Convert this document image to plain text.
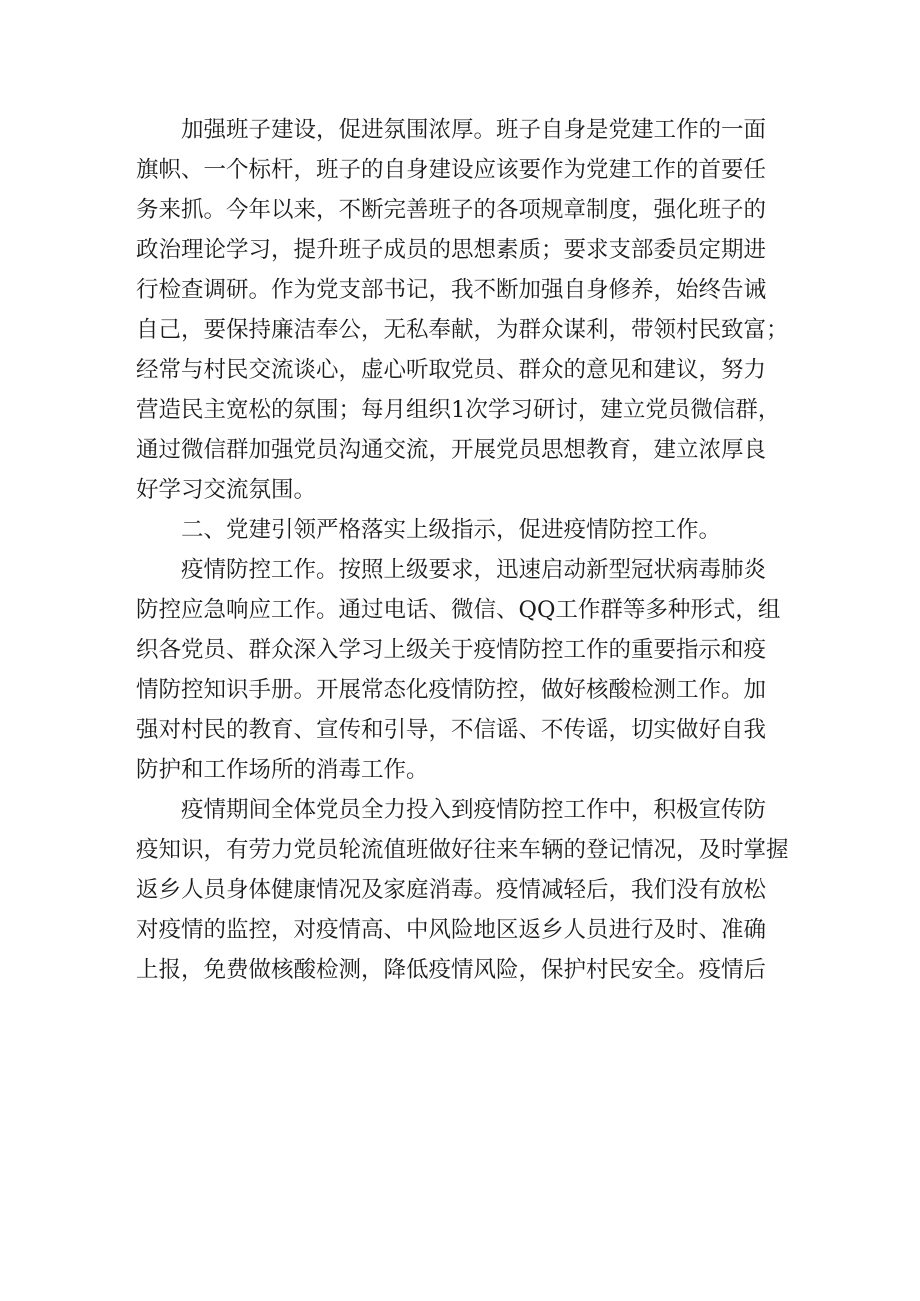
加强班子建设，促进氛围浓厚。班子自身是党建工作的一面
旗帜、一个标杆，班子的自身建设应该要作为党建工作的首要任
务来抓。今年以来，不断完善班子的各项规章制度，强化班子的
政治理论学习，提升班子成员的思想素质；要求支部委员定期进
行检查调研。作为党支部书记，我不断加强自身修养，始终告诫
自己，要保持廉洁奉公，无私奉献，为群众谋利，带领村民致富；
经常与村民交流谈心，虚心听取党员、群众的意见和建议，努力
营造民主宽松的氛围；每月组织1次学习研讨，建立党员微信群，
通过微信群加强党员沟通交流，开展党员思想教育，建立浓厚良
好学习交流氛围。

二、党建引领严格落实上级指示，促进疫情防控工作。

疫情防控工作。按照上级要求，迅速启动新型冠状病毒肺炎
防控应急响应工作。通过电话、微信、QQ工作群等多种形式，组
织各党员、群众深入学习上级关于疫情防控工作的重要指示和疫
情防控知识手册。开展常态化疫情防控，做好核酸检测工作。加
强对村民的教育、宣传和引导，不信谣、不传谣，切实做好自我
防护和工作场所的消毒工作。

疫情期间全体党员全力投入到疫情防控工作中，积极宣传防
疫知识，有劳力党员轮流值班做好往来车辆的登记情况，及时掌握
返乡人员身体健康情况及家庭消毒。疫情减轻后，我们没有放松
对疫情的监控，对疫情高、中风险地区返乡人员进行及时、准确
上报，免费做核酸检测，降低疫情风险，保护村民安全。疫情后
